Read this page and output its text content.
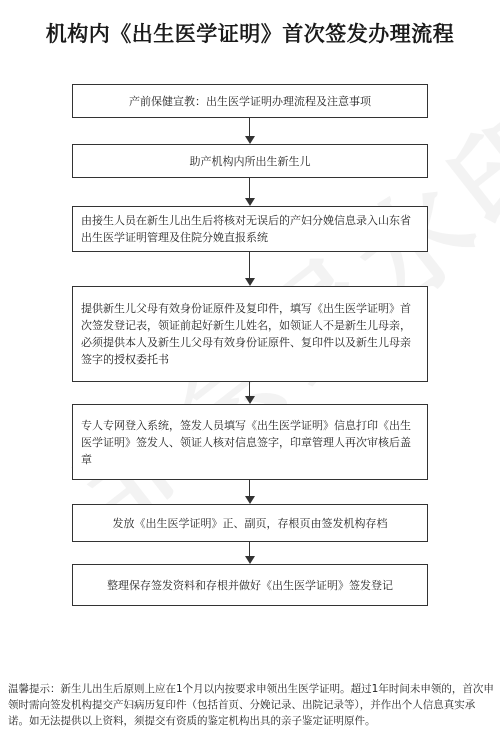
机构内《出生医学证明》首次签发办理流程
产前保健宣教：出生医学证明办理流程及注意事项
助产机构内所出生新生儿
由接生人员在新生儿出生后将核对无误后的产妇分娩信息录入山东省出生医学证明管理及住院分娩直报系统
提供新生儿父母有效身份证原件及复印件，填写《出生医学证明》首次签发登记表，领证前起好新生儿姓名，如领证人不是新生儿母亲，必须提供本人及新生儿父母有效身份证原件、复印件以及新生儿母亲签字的授权委托书
专人专网登入系统，签发人员填写《出生医学证明》信息打印《出生医学证明》签发人、领证人核对信息签字，印章管理人再次审核后盖章
发放《出生医学证明》正、副页，存根页由签发机构存档
整理保存签发资料和存根并做好《出生医学证明》签发登记
温馨提示：新生儿出生后原则上应在1个月以内按要求申领出生医学证明。超过1年时间未申领的，首次申领时需向签发机构提交产妇病历复印件（包括首页、分娩记录、出院记录等），并作出个人信息真实承诺。如无法提供以上资料，须提交有资质的鉴定机构出具的亲子鉴定证明原件。
